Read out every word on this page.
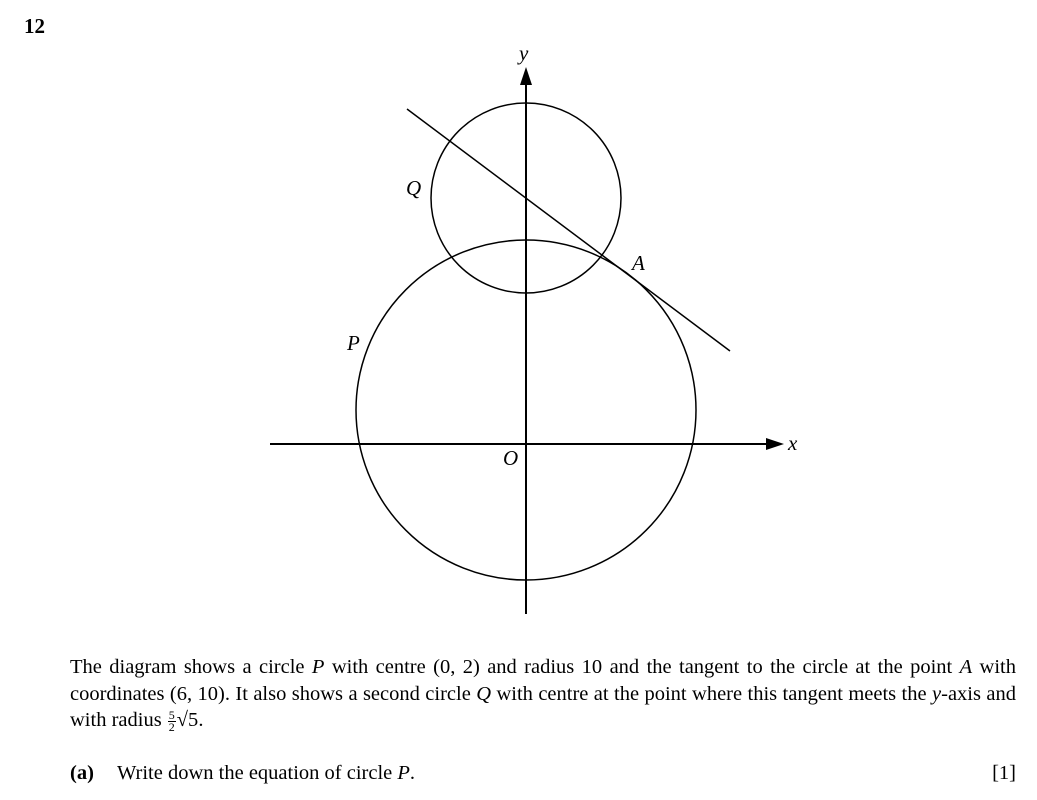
12
x
y
O
P
Q
A
The diagram shows a circle P with centre (0, 2) and radius 10 and the tangent to the circle at the point A with coordinates (6, 10). It also shows a second circle Q with centre at the point where this tangent meets the y-axis and with radius $\frac{5}{2} √5$.
(a) Write down the equation of circle P.	[1]
